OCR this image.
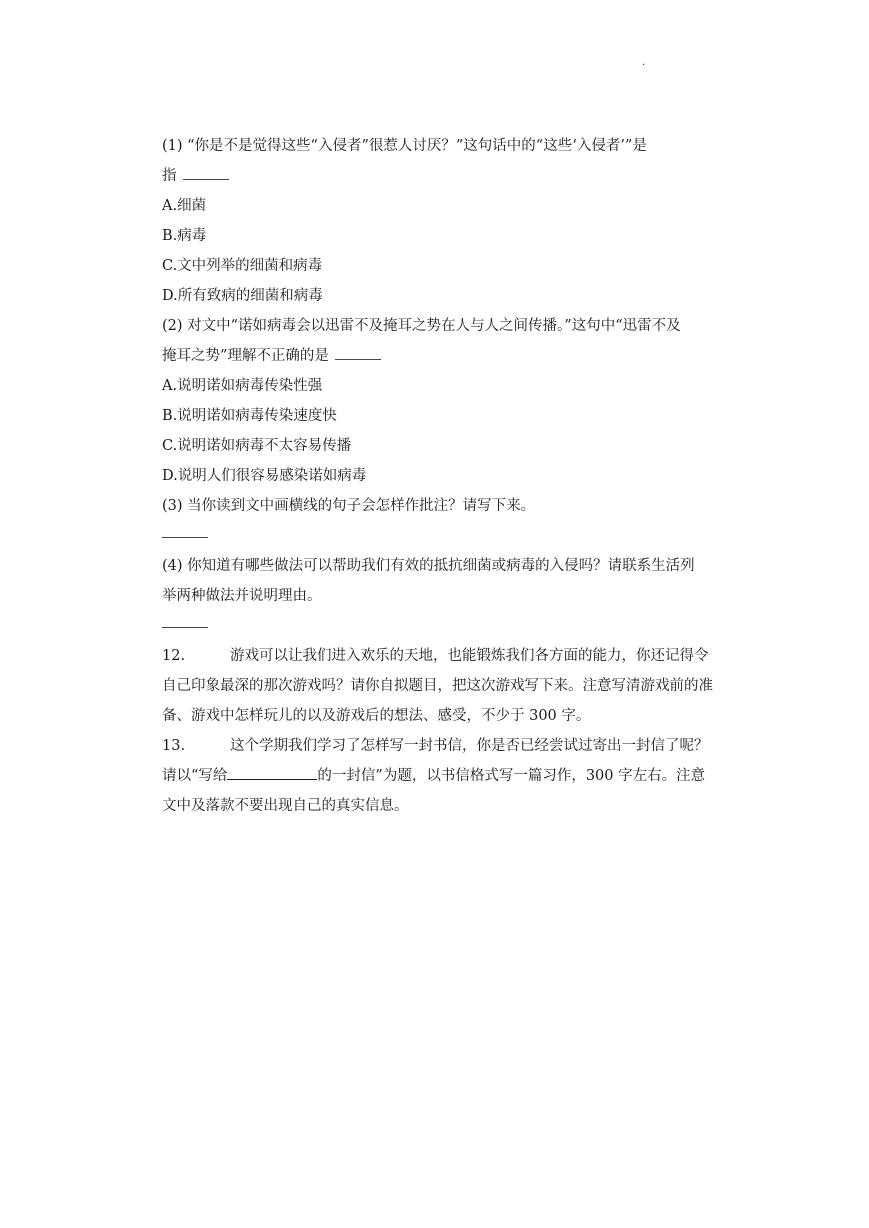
.
(1) “你是不是觉得这些“入侵者”很惹人讨厌？”这句话中的“这些‘入侵者’”是
指
A.细菌
B.病毒
C.文中列举的细菌和病毒
D.所有致病的细菌和病毒
(2) 对文中“诺如病毒会以迅雷不及掩耳之势在人与人之间传播。”这句中“迅雷不及
掩耳之势”理解不正确的是
A.说明诺如病毒传染性强
B.说明诺如病毒传染速度快
C.说明诺如病毒不太容易传播
D.说明人们很容易感染诺如病毒
(3) 当你读到文中画横线的句子会怎样作批注？请写下来。
(4) 你知道有哪些做法可以帮助我们有效的抵抗细菌或病毒的入侵吗？请联系生活列
举两种做法并说明理由。
12.	游戏可以让我们进入欢乐的天地，也能锻炼我们各方面的能力，你还记得令
自己印象最深的那次游戏吗？请你自拟题目，把这次游戏写下来。注意写清游戏前的准
备、游戏中怎样玩儿的以及游戏后的想法、感受，不少于 300 字。
13.	这个学期我们学习了怎样写一封书信，你是否已经尝试过寄出一封信了呢？
请以“写给	的一封信”为题，以书信格式写一篇习作，300 字左右。注意
文中及落款不要出现自己的真实信息。
